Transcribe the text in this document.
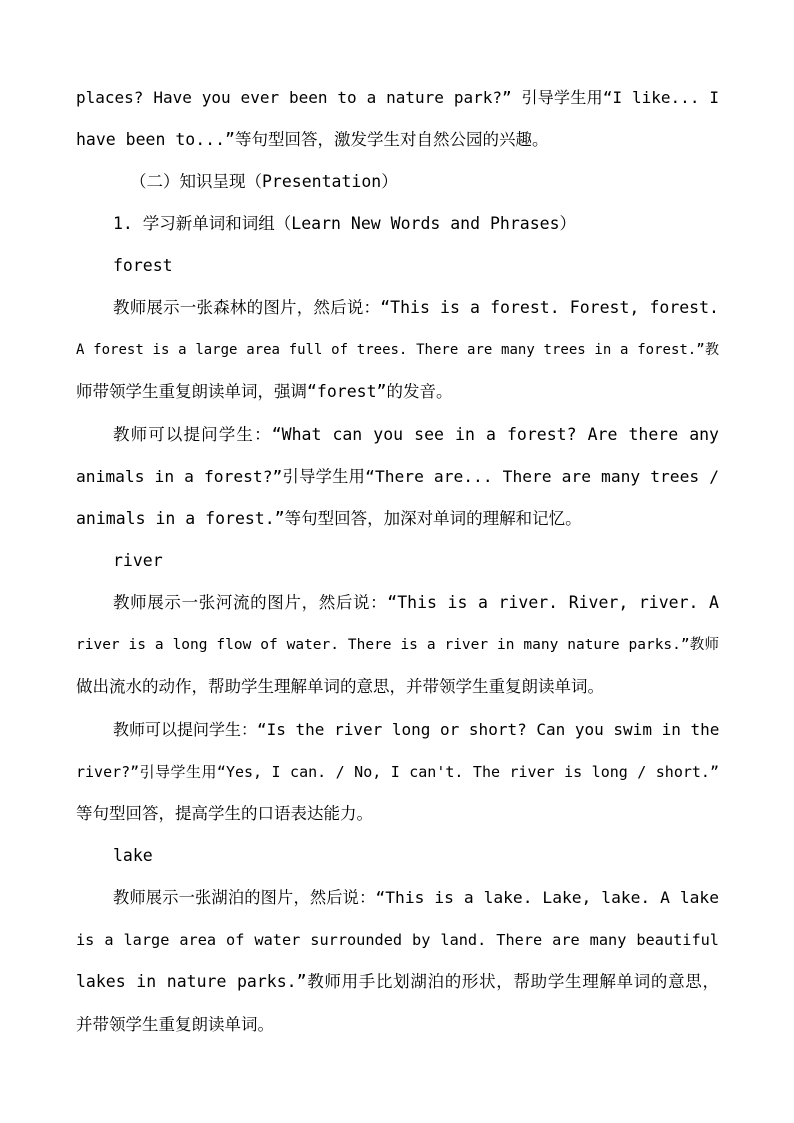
places? Have you ever been to a nature park?” 引导学生用“I like... I
have been to...”等句型回答，激发学生对自然公园的兴趣。
（二）知识呈现（Presentation）
1. 学习新单词和词组（Learn New Words and Phrases）
forest
教师展示一张森林的图片，然后说：“This is a forest. Forest, forest.
A forest is a large area full of trees. There are many trees in a forest.”教
师带领学生重复朗读单词，强调“forest”的发音。
教师可以提问学生：“What can you see in a forest? Are there any
animals in a forest?”引导学生用“There are... There are many trees /
animals in a forest.”等句型回答，加深对单词的理解和记忆。
river
教师展示一张河流的图片，然后说：“This is a river. River, river. A
river is a long flow of water. There is a river in many nature parks.”教师
做出流水的动作，帮助学生理解单词的意思，并带领学生重复朗读单词。
教师可以提问学生：“Is the river long or short? Can you swim in the
river?”引导学生用“Yes, I can. / No, I can't. The river is long / short.”
等句型回答，提高学生的口语表达能力。
lake
教师展示一张湖泊的图片，然后说：“This is a lake. Lake, lake. A lake
is a large area of water surrounded by land. There are many beautiful
lakes in nature parks.”教师用手比划湖泊的形状，帮助学生理解单词的意思，
并带领学生重复朗读单词。
